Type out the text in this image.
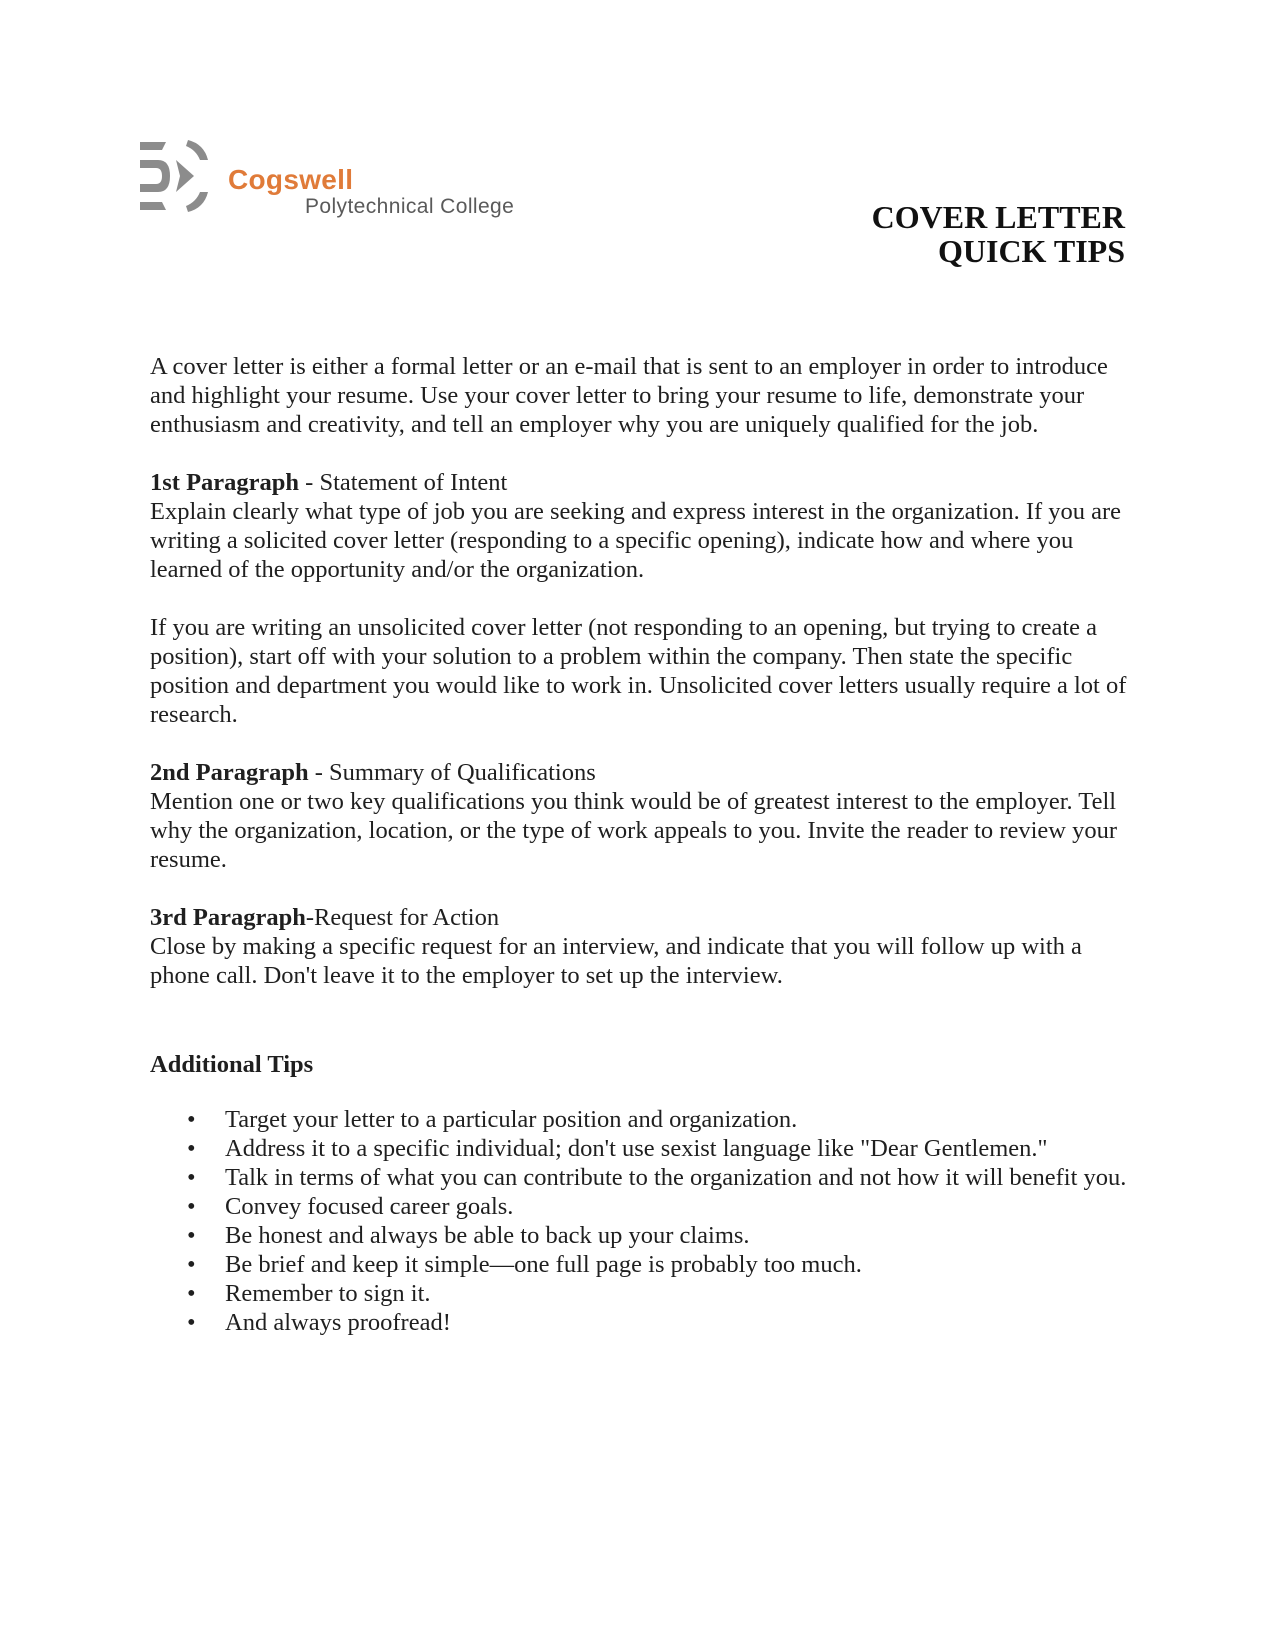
Cogswell
Polytechnical College	COVER LETTER
QUICK TIPS

A cover letter is either a formal letter or an e-mail that is sent to an employer in order to introduce and highlight your resume. Use your cover letter to bring your resume to life, demonstrate your enthusiasm and creativity, and tell an employer why you are uniquely qualified for the job.

1st Paragraph - Statement of Intent

Explain clearly what type of job you are seeking and express interest in the organization. If you are writing a solicited cover letter (responding to a specific opening), indicate how and where you learned of the opportunity and/or the organization.

If you are writing an unsolicited cover letter (not responding to an opening, but trying to create a position), start off with your solution to a problem within the company. Then state the specific position and department you would like to work in. Unsolicited cover letters usually require a lot of research.

2nd Paragraph - Summary of Qualifications

Mention one or two key qualifications you think would be of greatest interest to the employer. Tell why the organization, location, or the type of work appeals to you. Invite the reader to review your resume.

3rd Paragraph-Request for Action

Close by making a specific request for an interview, and indicate that you will follow up with a phone call. Don't leave it to the employer to set up the interview.

Additional Tips
• Target your letter to a particular position and organization.
• Address it to a specific individual; don't use sexist language like "Dear Gentlemen."
• Talk in terms of what you can contribute to the organization and not how it will benefit you.
• Convey focused career goals.
• Be honest and always be able to back up your claims.
• Be brief and keep it simple—one full page is probably too much.
• Remember to sign it.
• And always proofread!
